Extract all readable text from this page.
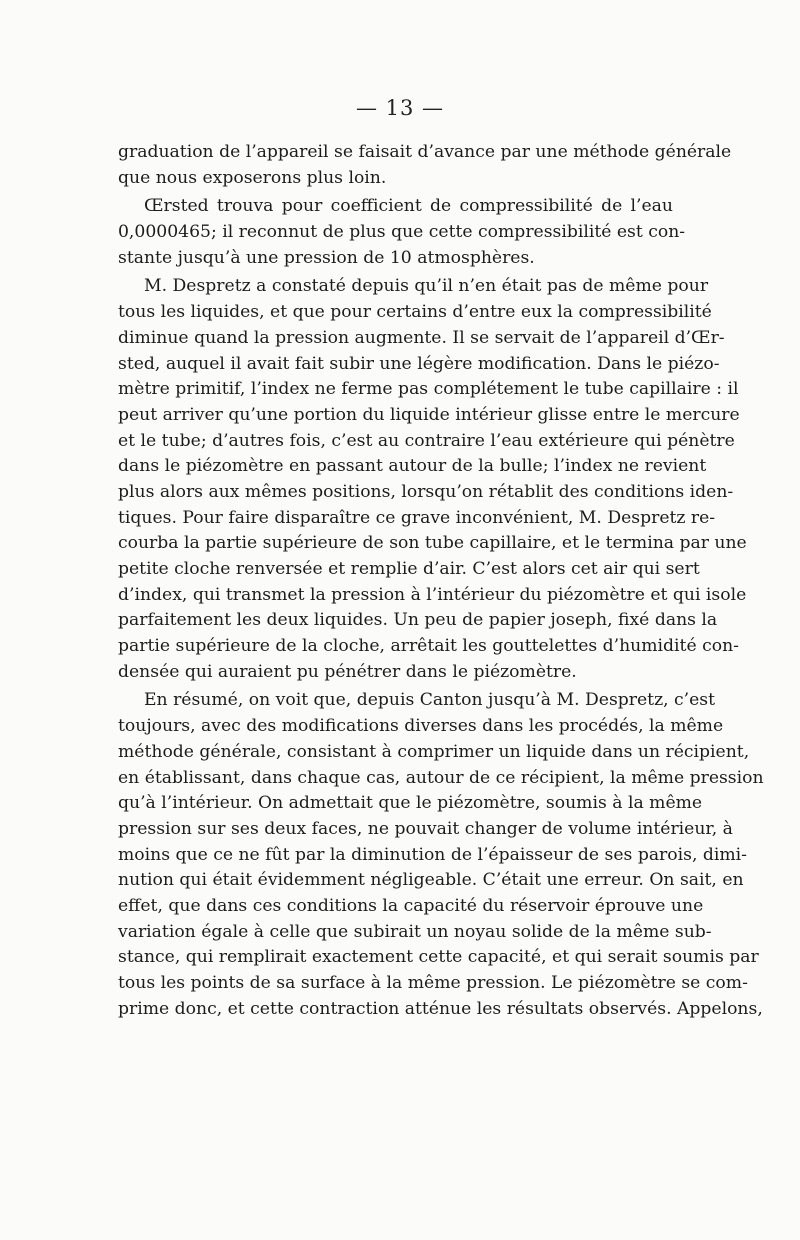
— 13 —
graduation de l’appareil se faisait d’avance par une méthode générale
que nous exposerons plus loin.
Œrsted trouva pour coefficient de compressibilité de l’eau
0,0000465; il reconnut de plus que cette compressibilité est con-
stante jusqu’à une pression de 10 atmosphères.
M. Despretz a constaté depuis qu’il n’en était pas de même pour
tous les liquides, et que pour certains d’entre eux la compressibilité
diminue quand la pression augmente. Il se servait de l’appareil d’Œr-
sted, auquel il avait fait subir une légère modification. Dans le piézo-
mètre primitif, l’index ne ferme pas complétement le tube capillaire : il
peut arriver qu’une portion du liquide intérieur glisse entre le mercure
et le tube; d’autres fois, c’est au contraire l’eau extérieure qui pénètre
dans le piézomètre en passant autour de la bulle; l’index ne revient
plus alors aux mêmes positions, lorsqu’on rétablit des conditions iden-
tiques. Pour faire disparaître ce grave inconvénient, M. Despretz re-
courba la partie supérieure de son tube capillaire, et le termina par une
petite cloche renversée et remplie d’air. C’est alors cet air qui sert
d’index, qui transmet la pression à l’intérieur du piézomètre et qui isole
parfaitement les deux liquides. Un peu de papier joseph, fixé dans la
partie supérieure de la cloche, arrêtait les gouttelettes d’humidité con-
densée qui auraient pu pénétrer dans le piézomètre.
En résumé, on voit que, depuis Canton jusqu’à M. Despretz, c’est
toujours, avec des modifications diverses dans les procédés, la même
méthode générale, consistant à comprimer un liquide dans un récipient,
en établissant, dans chaque cas, autour de ce récipient, la même pression
qu’à l’intérieur. On admettait que le piézomètre, soumis à la même
pression sur ses deux faces, ne pouvait changer de volume intérieur, à
moins que ce ne fût par la diminution de l’épaisseur de ses parois, dimi-
nution qui était évidemment négligeable. C’était une erreur. On sait, en
effet, que dans ces conditions la capacité du réservoir éprouve une
variation égale à celle que subirait un noyau solide de la même sub-
stance, qui remplirait exactement cette capacité, et qui serait soumis par
tous les points de sa surface à la même pression. Le piézomètre se com-
prime donc, et cette contraction atténue les résultats observés. Appelons,
